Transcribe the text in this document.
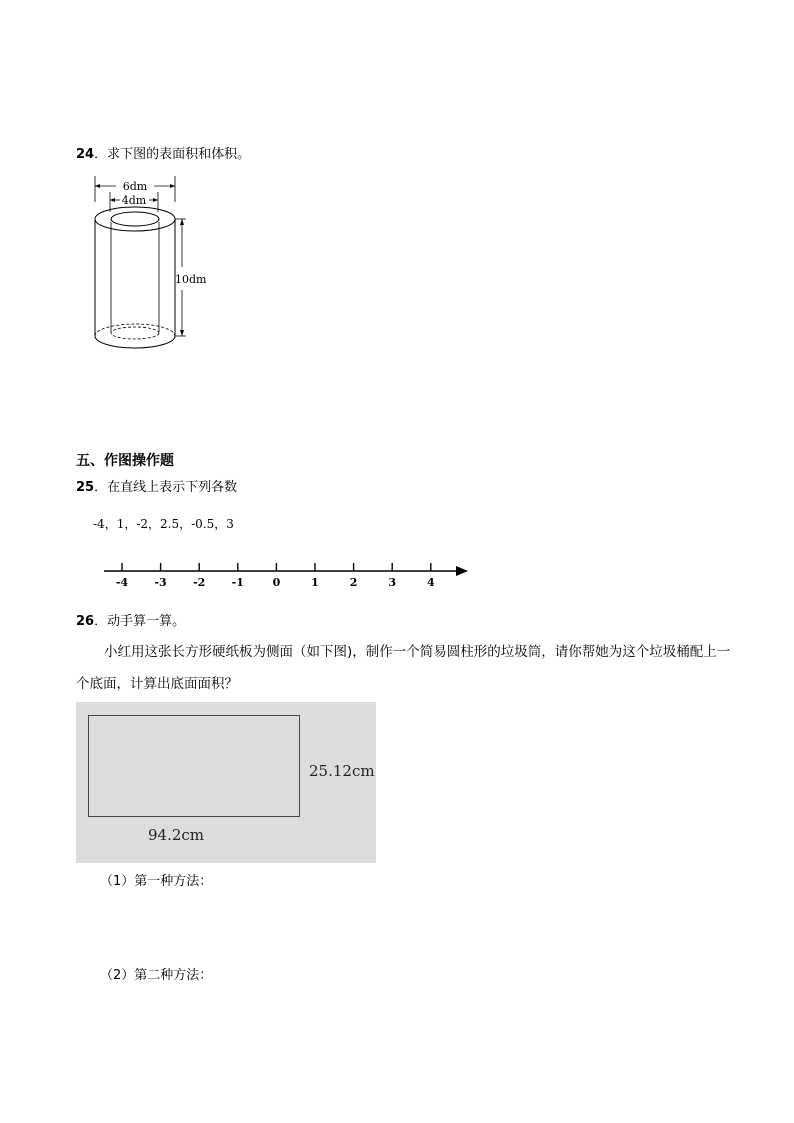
24．求下图的表面积和体积。
6dm
4dm
10dm
五、作图操作题
25．在直线上表示下列各数
-4，1，-2，2.5，-0.5，3
-4 -3 -2 -1	0	1	2	3	4
26．动手算一算。
小红用这张长方形硬纸板为侧面（如下图)，制作一个简易圆柱形的垃圾筒，请你帮她为这个垃圾桶配上一个底面，计算出底面面积？
25.12cm
94.2cm
（1）第一种方法：
（2）第二种方法：
